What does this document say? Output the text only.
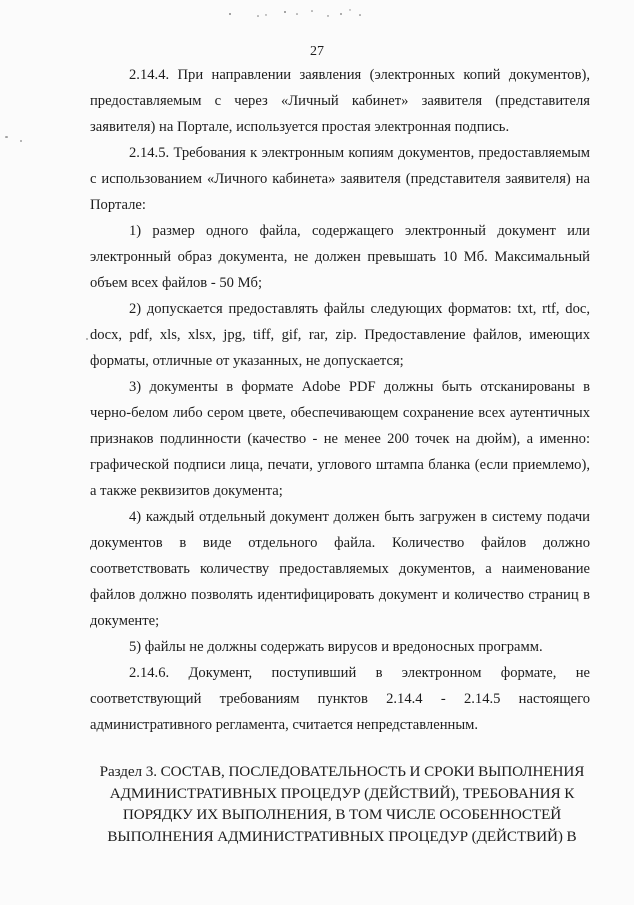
27

2.14.4. При направлении заявления (электронных копий документов), предоставляемым с через «Личный кабинет» заявителя (представителя заявителя) на Портале, используется простая электронная подпись.

2.14.5. Требования к электронным копиям документов, предоставляемым с использованием «Личного кабинета» заявителя (представителя заявителя) на Портале:

1) размер одного файла, содержащего электронный документ или электронный образ документа, не должен превышать 10 Мб. Максимальный объем всех файлов - 50 Мб;

2) допускается предоставлять файлы следующих форматов: txt, rtf, doc, docx, pdf, xls, xlsx, jpg, tiff, gif, rar, zip. Предоставление файлов, имеющих форматы, отличные от указанных, не допускается;

3) документы в формате Adobe PDF должны быть отсканированы в черно-белом либо сером цвете, обеспечивающем сохранение всех аутентичных признаков подлинности (качество - не менее 200 точек на дюйм), а именно: графической подписи лица, печати, углового штампа бланка (если приемлемо), а также реквизитов документа;

4) каждый отдельный документ должен быть загружен в систему подачи документов в виде отдельного файла. Количество файлов должно соответствовать количеству предоставляемых документов, а наименование файлов должно позволять идентифицировать документ и количество страниц в документе;

5) файлы не должны содержать вирусов и вредоносных программ.

2.14.6. Документ, поступивший в электронном формате, не соответствующий требованиям пунктов 2.14.4 - 2.14.5 настоящего административного регламента, считается непредставленным.

Раздел 3. СОСТАВ, ПОСЛЕДОВАТЕЛЬНОСТЬ И СРОКИ ВЫПОЛНЕНИЯ АДМИНИСТРАТИВНЫХ ПРОЦЕДУР (ДЕЙСТВИЙ), ТРЕБОВАНИЯ К ПОРЯДКУ ИХ ВЫПОЛНЕНИЯ, В ТОМ ЧИСЛЕ ОСОБЕННОСТЕЙ ВЫПОЛНЕНИЯ АДМИНИСТРАТИВНЫХ ПРОЦЕДУР (ДЕЙСТВИЙ) В
